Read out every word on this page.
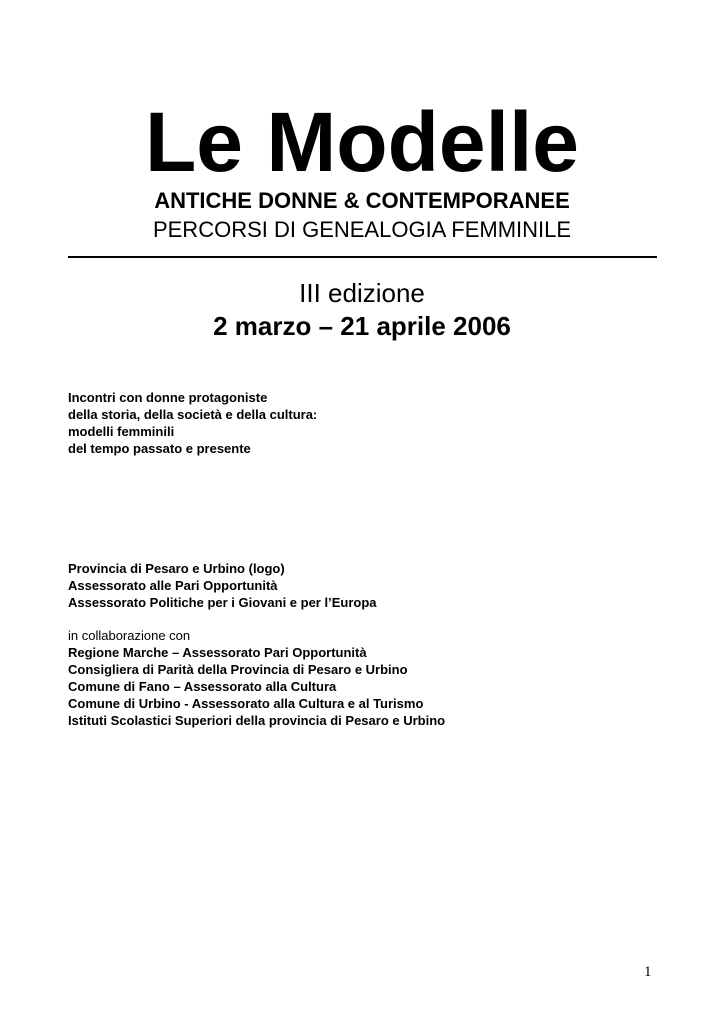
Le Modelle
ANTICHE DONNE & CONTEMPORANEE
PERCORSI DI GENEALOGIA FEMMINILE
III edizione
2 marzo – 21 aprile 2006
Incontri con donne protagoniste
della storia, della società e della cultura:
modelli femminili
del tempo passato e presente
Provincia di Pesaro e Urbino (logo)
Assessorato alle Pari Opportunità
Assessorato Politiche per i Giovani e per l’Europa
in collaborazione con
Regione Marche – Assessorato Pari Opportunità
Consigliera di Parità della Provincia di Pesaro e Urbino
Comune di Fano – Assessorato alla Cultura
Comune di Urbino - Assessorato alla Cultura e al Turismo
Istituti Scolastici Superiori della provincia di Pesaro e Urbino
1
